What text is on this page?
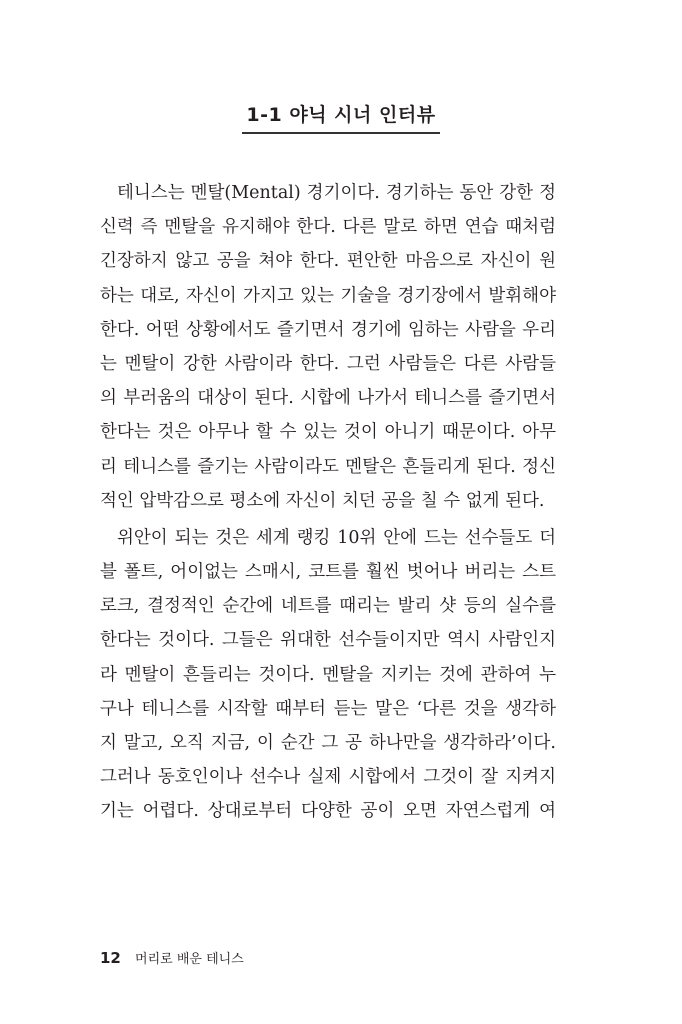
1-1 야닉 시너 인터뷰
테니스는 멘탈(Mental) 경기이다. 경기하는 동안 강한 정
신력 즉 멘탈을 유지해야 한다. 다른 말로 하면 연습 때처럼
긴장하지 않고 공을 쳐야 한다. 편안한 마음으로 자신이 원
하는 대로, 자신이 가지고 있는 기술을 경기장에서 발휘해야
한다. 어떤 상황에서도 즐기면서 경기에 임하는 사람을 우리
는 멘탈이 강한 사람이라 한다. 그런 사람들은 다른 사람들
의 부러움의 대상이 된다. 시합에 나가서 테니스를 즐기면서
한다는 것은 아무나 할 수 있는 것이 아니기 때문이다. 아무
리 테니스를 즐기는 사람이라도 멘탈은 흔들리게 된다. 정신
적인 압박감으로 평소에 자신이 치던 공을 칠 수 없게 된다.
위안이 되는 것은 세계 랭킹 10위 안에 드는 선수들도 더
블 폴트, 어이없는 스매시, 코트를 훨씬 벗어나 버리는 스트
로크, 결정적인 순간에 네트를 때리는 발리 샷 등의 실수를
한다는 것이다. 그들은 위대한 선수들이지만 역시 사람인지
라 멘탈이 흔들리는 것이다. 멘탈을 지키는 것에 관하여 누
구나 테니스를 시작할 때부터 듣는 말은 ‘다른 것을 생각하
지 말고, 오직 지금, 이 순간 그 공 하나만을 생각하라’이다.
그러나 동호인이나 선수나 실제 시합에서 그것이 잘 지켜지
기는 어렵다. 상대로부터 다양한 공이 오면 자연스럽게 여
12 머리로 배운 테니스
